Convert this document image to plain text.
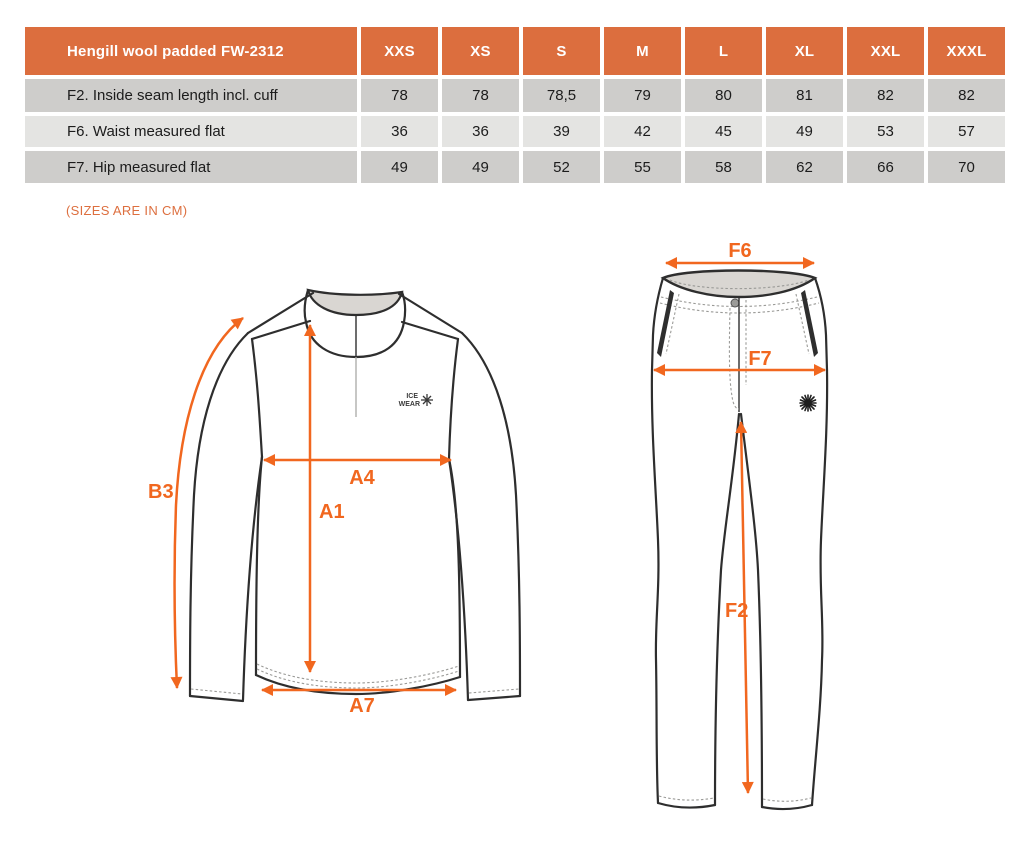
Hengill wool padded FW-2312	XXS	XS	S	M	L	XL	XXL	XXXL
F2. Inside seam length incl. cuff	78	78	78,5	79	80	81	82	82
F6. Waist measured flat	36	36	39	42	45	49	53	57
F7. Hip measured flat	49	49	52	55	58	62	66	70
(SIZES ARE IN CM)
ICE
WEAR
B3
A4
A1
A7
F6
F7
F2
